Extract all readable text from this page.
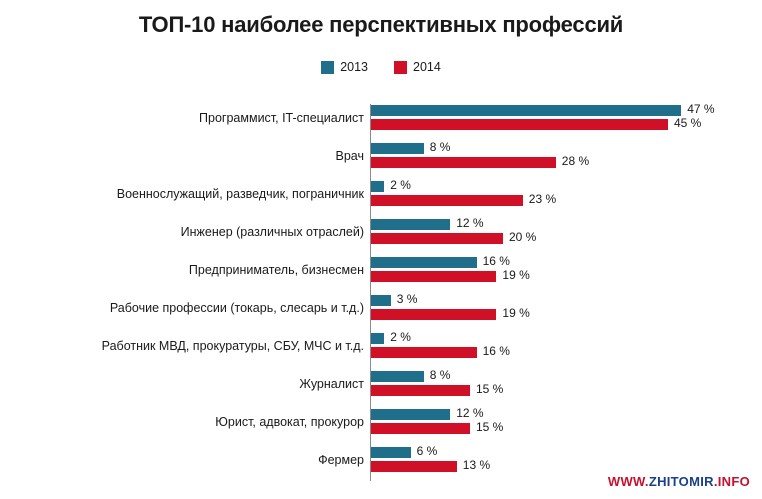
ТОП-10 наиболее перспективных профессий
2013	2014
Программист, IT-специалист
47 %
45 %
Врач
8 %
28 %
Военнослужащий, разведчик, пограничник
2 %
23 %
Инженер (различных отраслей)
12 %
20 %
Предприниматель, бизнесмен
16 %
19 %
Рабочие профессии (токарь, слесарь и т.д.)
3 %
19 %
Работник МВД, прокуратуры, СБУ, МЧС и т.д.
2 %
16 %
Журналист
8 %
15 %
Юрист, адвокат, прокурор
12 %
15 %
Фермер
6 %
13 %
WWW.ZHITOMIR.INFO
